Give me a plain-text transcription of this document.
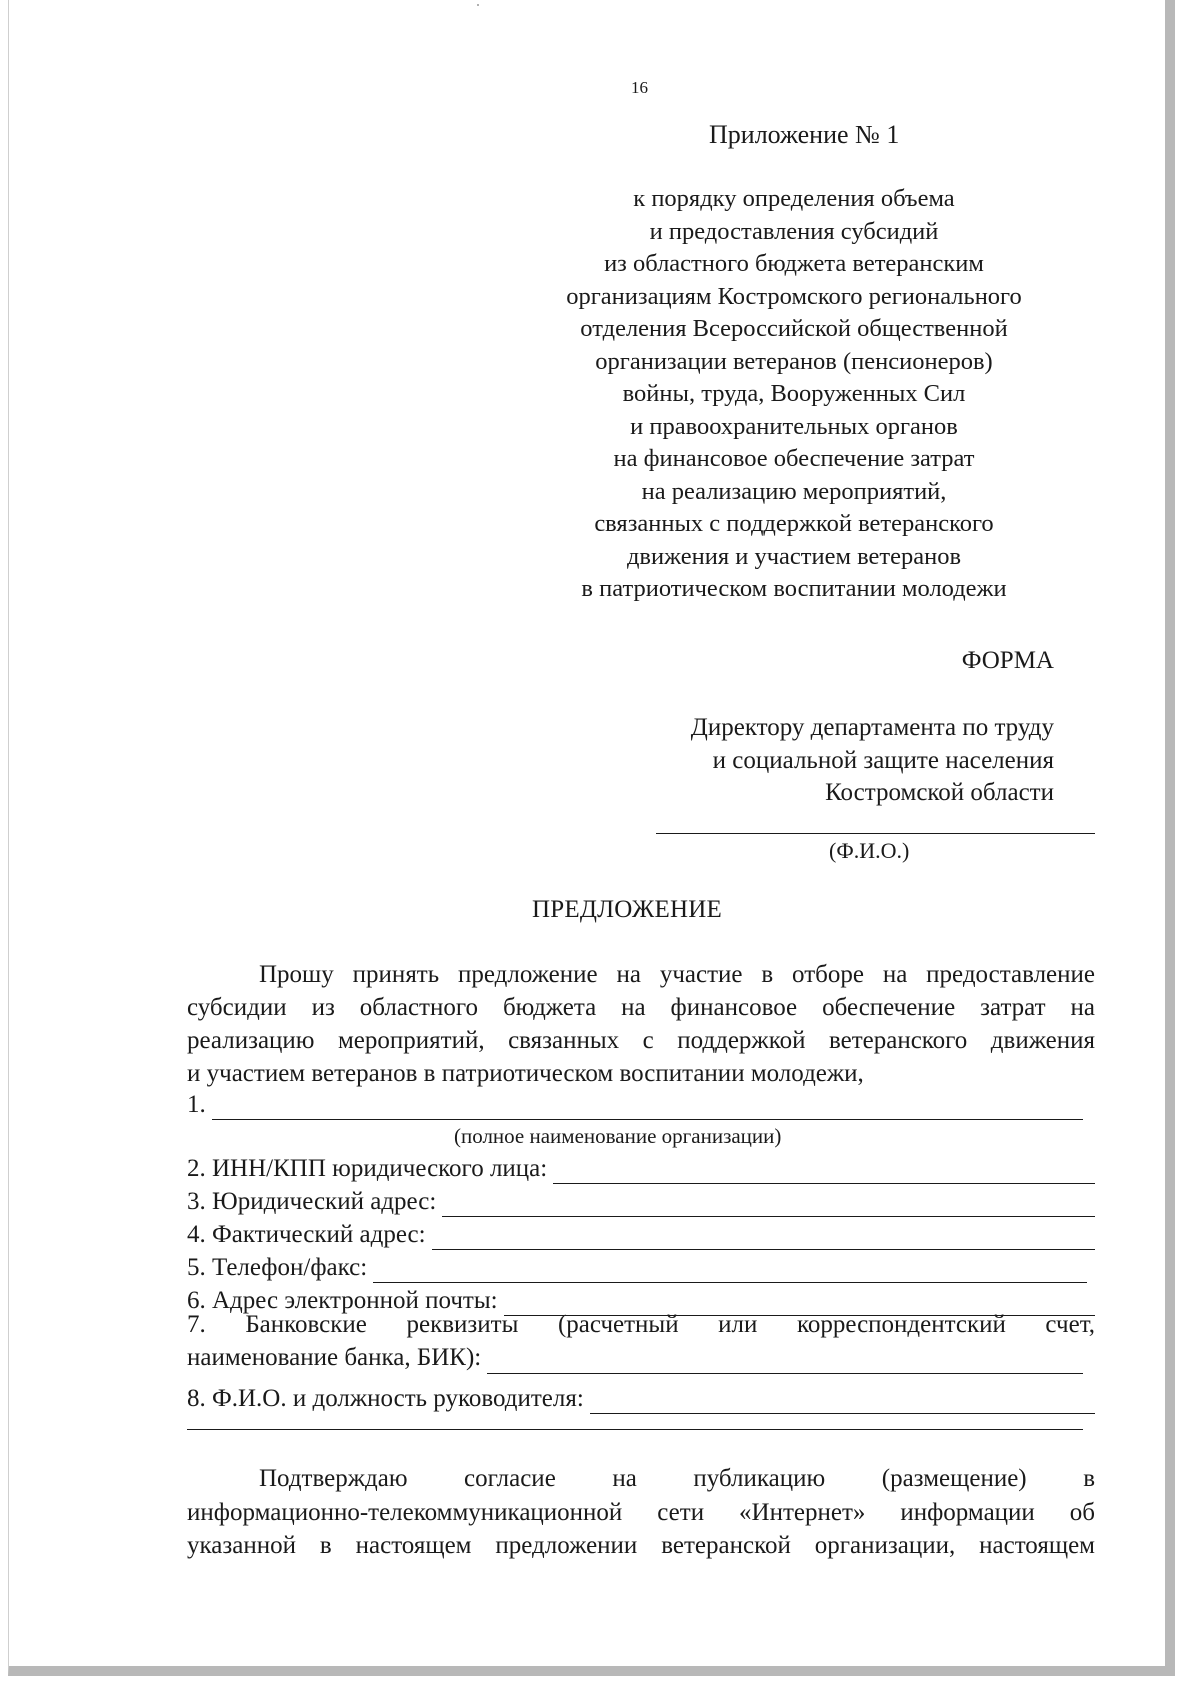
16
Приложение № 1
к порядку определения объема
и предоставления субсидий
из областного бюджета ветеранским
организациям Костромского регионального
отделения Всероссийской общественной
организации ветеранов (пенсионеров)
войны, труда, Вооруженных Сил
и правоохранительных органов
на финансовое обеспечение затрат
на реализацию мероприятий,
связанных с поддержкой ветеранского
движения и участием ветеранов
в патриотическом воспитании молодежи
ФОРМА
Директору департамента по труду
и социальной защите населения
Костромской области
(Ф.И.О.)
ПРЕДЛОЖЕНИЕ
Прошу принять предложение на участие в отборе на предоставление
субсидии из областного бюджета на финансовое обеспечение затрат на
реализацию мероприятий, связанных с поддержкой ветеранского движения
и участием ветеранов в патриотическом воспитании молодежи,
1.
(полное наименование организации)
2. ИНН/КПП юридического лица:
3. Юридический адрес:
4. Фактический адрес:
5. Телефон/факс:
6. Адрес электронной почты:
7. Банковские реквизиты (расчетный или корреспондентский счет,
наименование банка, БИК):
8. Ф.И.О. и должность руководителя:
Подтверждаю согласие на публикацию (размещение) в
информационно-телекоммуникационной сети «Интернет» информации об
указанной в настоящем предложении ветеранской организации, настоящем
